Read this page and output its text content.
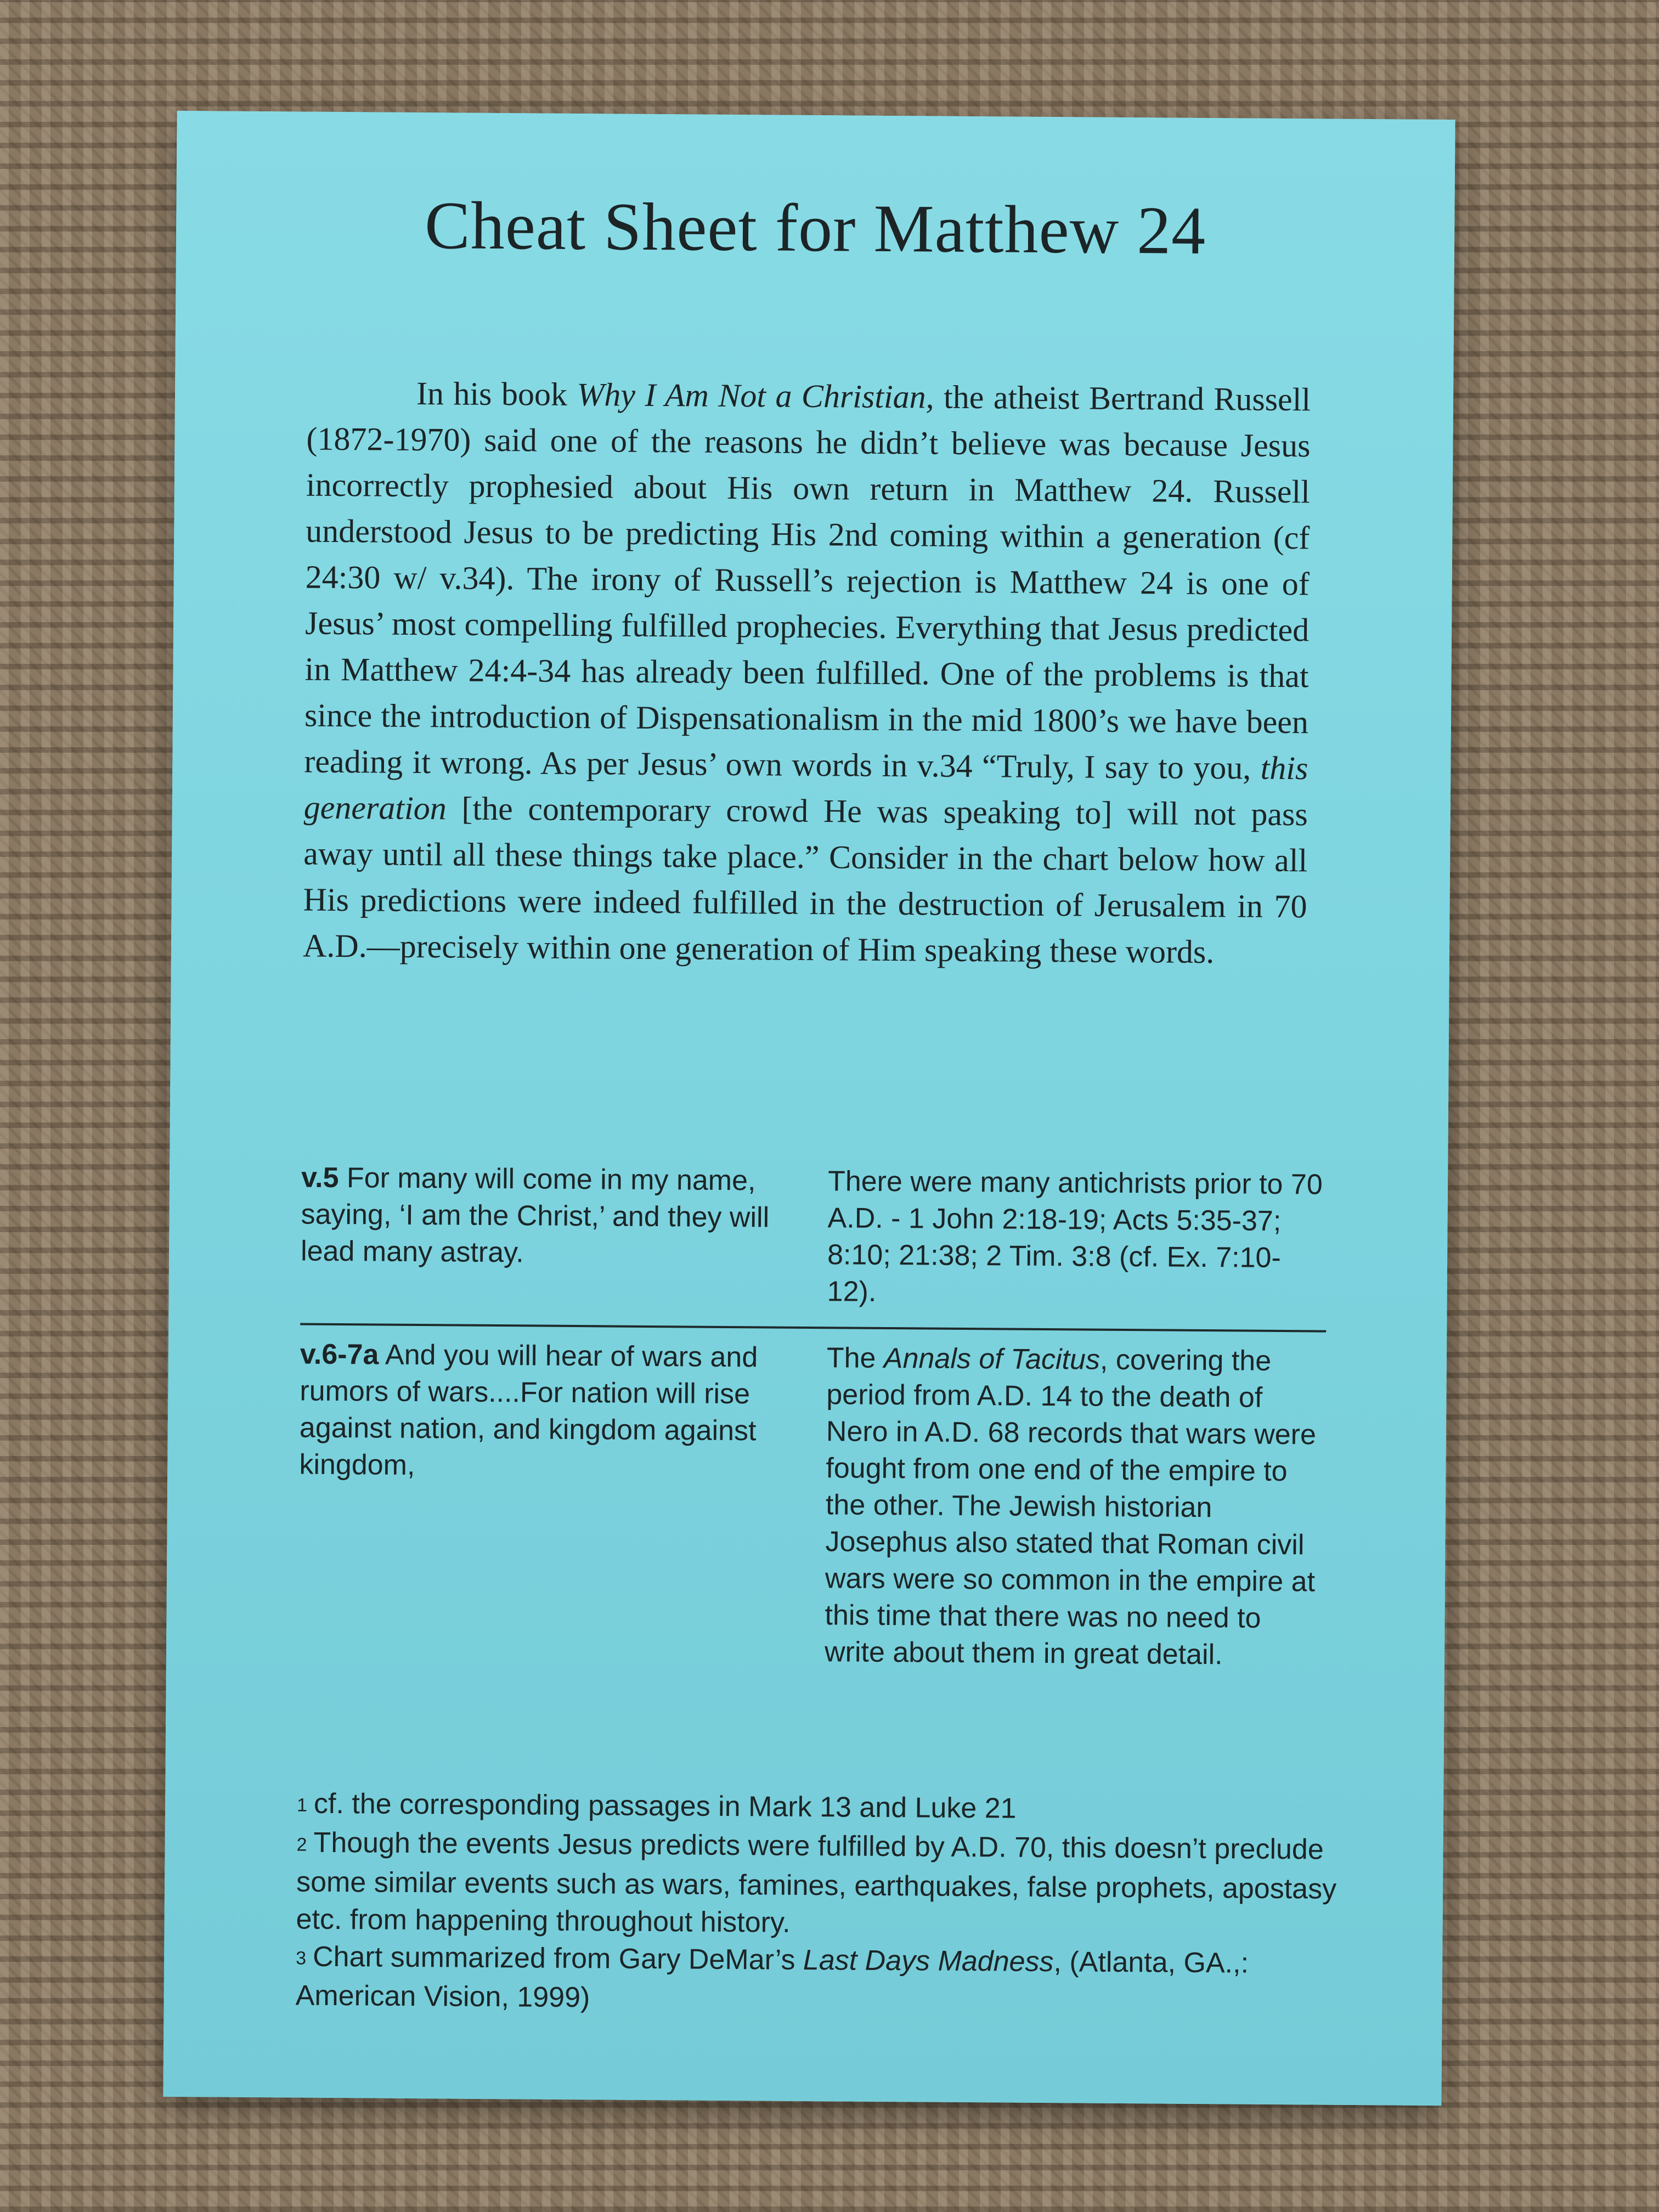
Cheat Sheet for Matthew 24

In his book Why I Am Not a Christian, the atheist Bertrand Russell (1872-1970) said one of the reasons he didn’t believe was because Jesus incorrectly prophesied about His own return in Matthew 24. Russell understood Jesus to be predicting His 2nd coming within a generation (cf 24:30 w/ v.34). The irony of Russell’s rejection is Matthew 24 is one of Jesus’ most compelling fulfilled prophecies. Everything that Jesus predicted in Matthew 24:4-34 has already been fulfilled. One of the problems is that since the introduction of Dispensationalism in the mid 1800’s we have been reading it wrong. As per Jesus’ own words in v.34 “Truly, I say to you, this generation [the contemporary crowd He was speaking to] will not pass away until all these things take place.” Consider in the chart below how all His predictions were indeed fulfilled in the destruction of Jerusalem in 70 A.D.—precisely within one generation of Him speaking these words.

v.5 For many will come in my name, saying, ‘I am the Christ,’ and they will lead many astray.
There were many antichrists prior to 70 A.D. - 1 John 2:18-19; Acts 5:35-37; 8:10; 21:38; 2 Tim. 3:8 (cf. Ex. 7:10-12).
v.6-7a And you will hear of wars and rumors of wars....For nation will rise against nation, and kingdom against kingdom,
The Annals of Tacitus, covering the period from A.D. 14 to the death of Nero in A.D. 68 records that wars were fought from one end of the empire to the other. The Jewish historian Josephus also stated that Roman civil wars were so common in the empire at this time that there was no need to write about them in great detail.

1 cf. the corresponding passages in Mark 13 and Luke 21

2 Though the events Jesus predicts were fulfilled by A.D. 70, this doesn’t preclude some similar events such as wars, famines, earthquakes, false prophets, apostasy etc. from happening throughout history.

3 Chart summarized from Gary DeMar’s Last Days Madness, (Atlanta, GA.,: American Vision, 1999)
